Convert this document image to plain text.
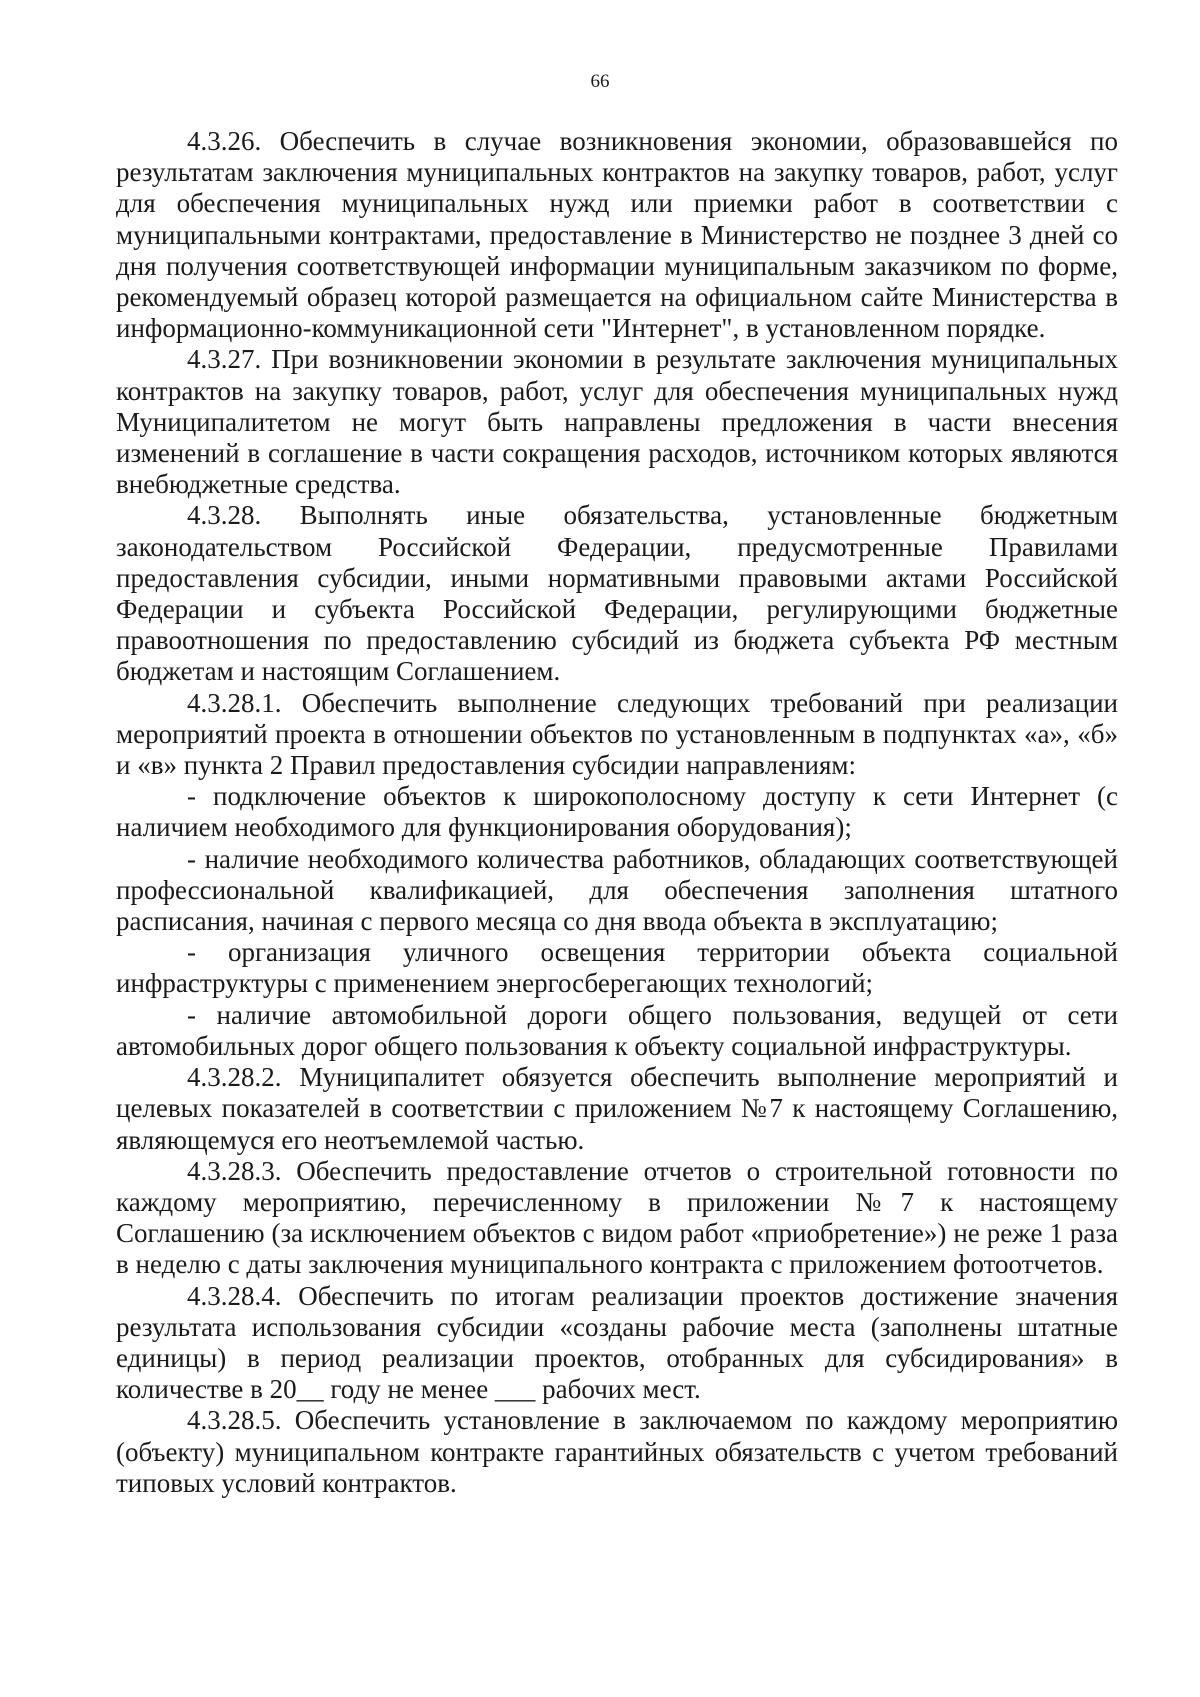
66

4.3.26. Обеспечить в случае возникновения экономии, образовавшейся по результатам заключения муниципальных контрактов на закупку товаров, работ, услуг для обеспечения муниципальных нужд или приемки работ в соответствии с муниципальными контрактами, предоставление в Министерство не позднее 3 дней со дня получения соответствующей информации муниципальным заказчиком по форме, рекомендуемый образец которой размещается на официальном сайте Министерства в информационно-коммуникационной сети "Интернет", в установленном порядке.

4.3.27. При возникновении экономии в результате заключения муниципальных контрактов на закупку товаров, работ, услуг для обеспечения муниципальных нужд Муниципалитетом не могут быть направлены предложения в части внесения изменений в соглашение в части сокращения расходов, источником которых являются внебюджетные средства.

4.3.28. Выполнять иные обязательства, установленные бюджетным законодательством Российской Федерации, предусмотренные Правилами предоставления субсидии, иными нормативными правовыми актами Российской Федерации и субъекта Российской Федерации, регулирующими бюджетные правоотношения по предоставлению субсидий из бюджета субъекта РФ местным бюджетам и настоящим Соглашением.

4.3.28.1. Обеспечить выполнение следующих требований при реализации мероприятий проекта в отношении объектов по установленным в подпунктах «а», «б» и «в» пункта 2 Правил предоставления субсидии направлениям:

- подключение объектов к широкополосному доступу к сети Интернет (с наличием необходимого для функционирования оборудования);

- наличие необходимого количества работников, обладающих соответствующей профессиональной квалификацией, для обеспечения заполнения штатного расписания, начиная с первого месяца со дня ввода объекта в эксплуатацию;

- организация уличного освещения территории объекта социальной инфраструктуры с применением энергосберегающих технологий;

- наличие автомобильной дороги общего пользования, ведущей от сети автомобильных дорог общего пользования к объекту социальной инфраструктуры.

4.3.28.2. Муниципалитет обязуется обеспечить выполнение мероприятий и целевых показателей в соответствии с приложением №7 к настоящему Соглашению, являющемуся его неотъемлемой частью.

4.3.28.3. Обеспечить предоставление отчетов о строительной готовности по каждому мероприятию, перечисленному в приложении №7 к настоящему Соглашению (за исключением объектов с видом работ «приобретение») не реже 1 раза в неделю с даты заключения муниципального контракта с приложением фотоотчетов.

4.3.28.4. Обеспечить по итогам реализации проектов достижение значения результата использования субсидии «созданы рабочие места (заполнены штатные единицы) в период реализации проектов, отобранных для субсидирования» в количестве в 20__ году не менее ___ рабочих мест.

4.3.28.5. Обеспечить установление в заключаемом по каждому мероприятию (объекту) муниципальном контракте гарантийных обязательств с учетом требований типовых условий контрактов.
